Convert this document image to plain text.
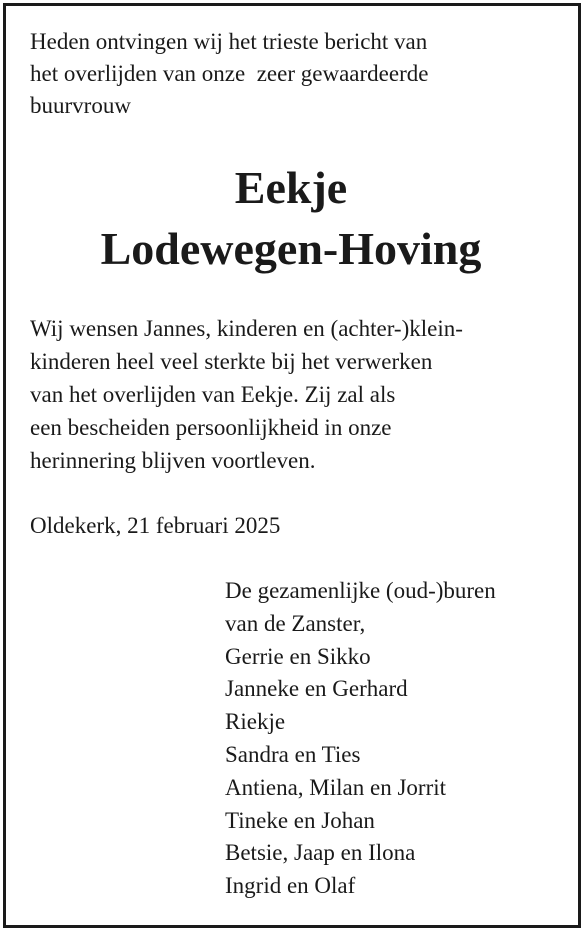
Heden ontvingen wij het trieste bericht van
het overlijden van onze  zeer gewaardeerde
buurvrouw

Eekje
Lodewegen-Hoving

Wij wensen Jannes, kinderen en (achter-)klein-
kinderen heel veel sterkte bij het verwerken
van het overlijden van Eekje. Zij zal als
een bescheiden persoonlijkheid in onze
herinnering blijven voortleven.

Oldekerk, 21 februari 2025

De gezamenlijke (oud-)buren
van de Zanster,
Gerrie en Sikko
Janneke en Gerhard
Riekje
Sandra en Ties
Antiena, Milan en Jorrit
Tineke en Johan
Betsie, Jaap en Ilona
Ingrid en Olaf
